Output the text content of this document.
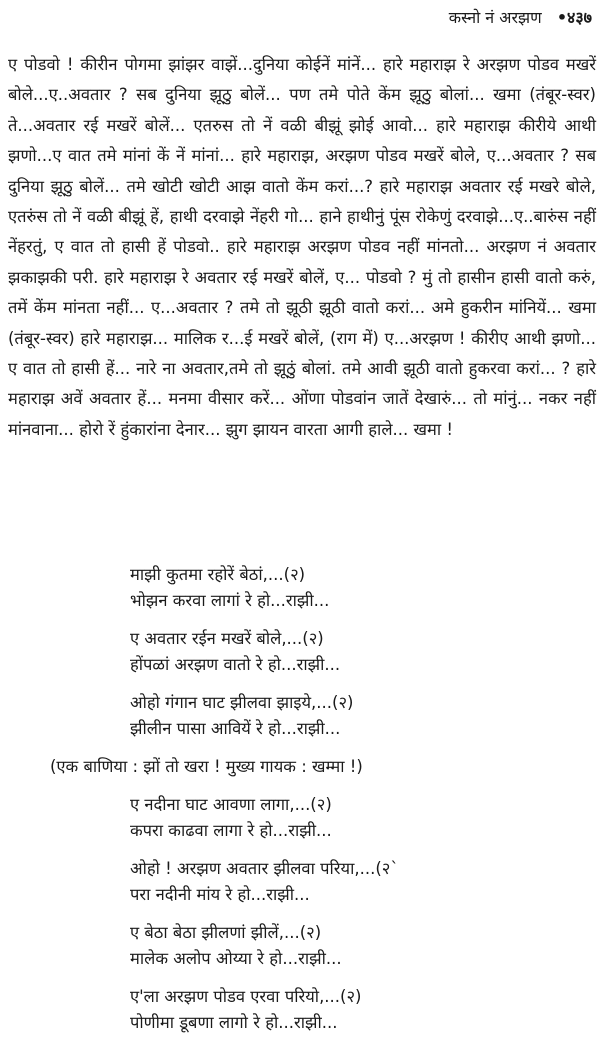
कस्नो नं अरझण •४३७

ए पोडवो ! कीरीन पोगमा झांझर वाझें...दुनिया कोईनें मांनें... हारे महाराझ रे अरझण पोडव मखरें बोले...ए..अवतार ? सब दुनिया झूठु बोलें... पण तमे पोते केंम झूठु बोलां... खमा (तंबूर-स्वर) ते...अवतार रई मखरें बोलें... एतरुस तो नें वळी बीझूं झोई आवो... हारे महाराझ कीरीये आथी झणो...ए वात तमे मांनां कें नें मांनां... हारे महाराझ, अरझण पोडव मखरें बोले, ए...अवतार ? सब दुनिया झूठु बोलें... तमे खोटी खोटी आझ वातो केंम करां...? हारे महाराझ अवतार रई मखरे बोले, एतरुंस तो नें वळी बीझूं हें, हाथी दरवाझे नेंहरी गो... हाने हाथीनुं पूंस रोकेणुं दरवाझे...ए..बारुंस नहीं नेंहरतुं, ए वात तो हासी हें पोडवो.. हारे महाराझ अरझण पोडव नहीं मांनतो... अरझण नं अवतार झकाझकी परी. हारे महाराझ रे अवतार रई मखरें बोलें, ए... पोडवो ? मुं तो हासीन हासी वातो करुं, तमें केंम मांनता नहीं... ए...अवतार ? तमे तो झूठी झूठी वातो करां... अमे हुकरीन मांनियें... खमा (तंबूर-स्वर) हारे महाराझ... मालिक र...ई मखरें बोलें, (राग में) ए...अरझण ! कीरीए आथी झणो... ए वात तो हासी हें... नारे ना अवतार,तमे तो झूठुं बोलां. तमे आवी झूठी वातो हुकरवा करां... ? हारे महाराझ अवें अवतार हें... मनमा वीसार करें... ओंणा पोडवांन जातें देखारुं... तो मांनुं... नकर नहीं मांनवाना... होरो रें हुंकारांना देनार... झुग झायन वारता आगी हाले... खमा !

माझी कुतमा रहोरें बेठां,...(२)
भोझन करवा लागां रे हो...राझी...
ए अवतार रईन मखरें बोले,...(२)
होंपळां अरझण वातो रे हो...राझी...
ओहो गंगान घाट झीलवा झाइये,...(२)
झीलीन पासा आवियें रे हो...राझी...
(एक बाणिया : झों तो खरा ! मुख्य गायक : खम्मा !)
ए नदीना घाट आवणा लागा,...(२)
कपरा काढवा लागा रे हो...राझी...
ओहो ! अरझण अवतार झीलवा परिया,...(२`
परा नदीनी मांय रे हो...राझी...
ए बेठा बेठा झीलणां झीलें,...(२)
मालेक अलोप ओय्या रे हो...राझी...
ए'ला अरझण पोडव एरवा परियो,...(२)
पोणीमा डूबणा लागो रे हो...राझी...
